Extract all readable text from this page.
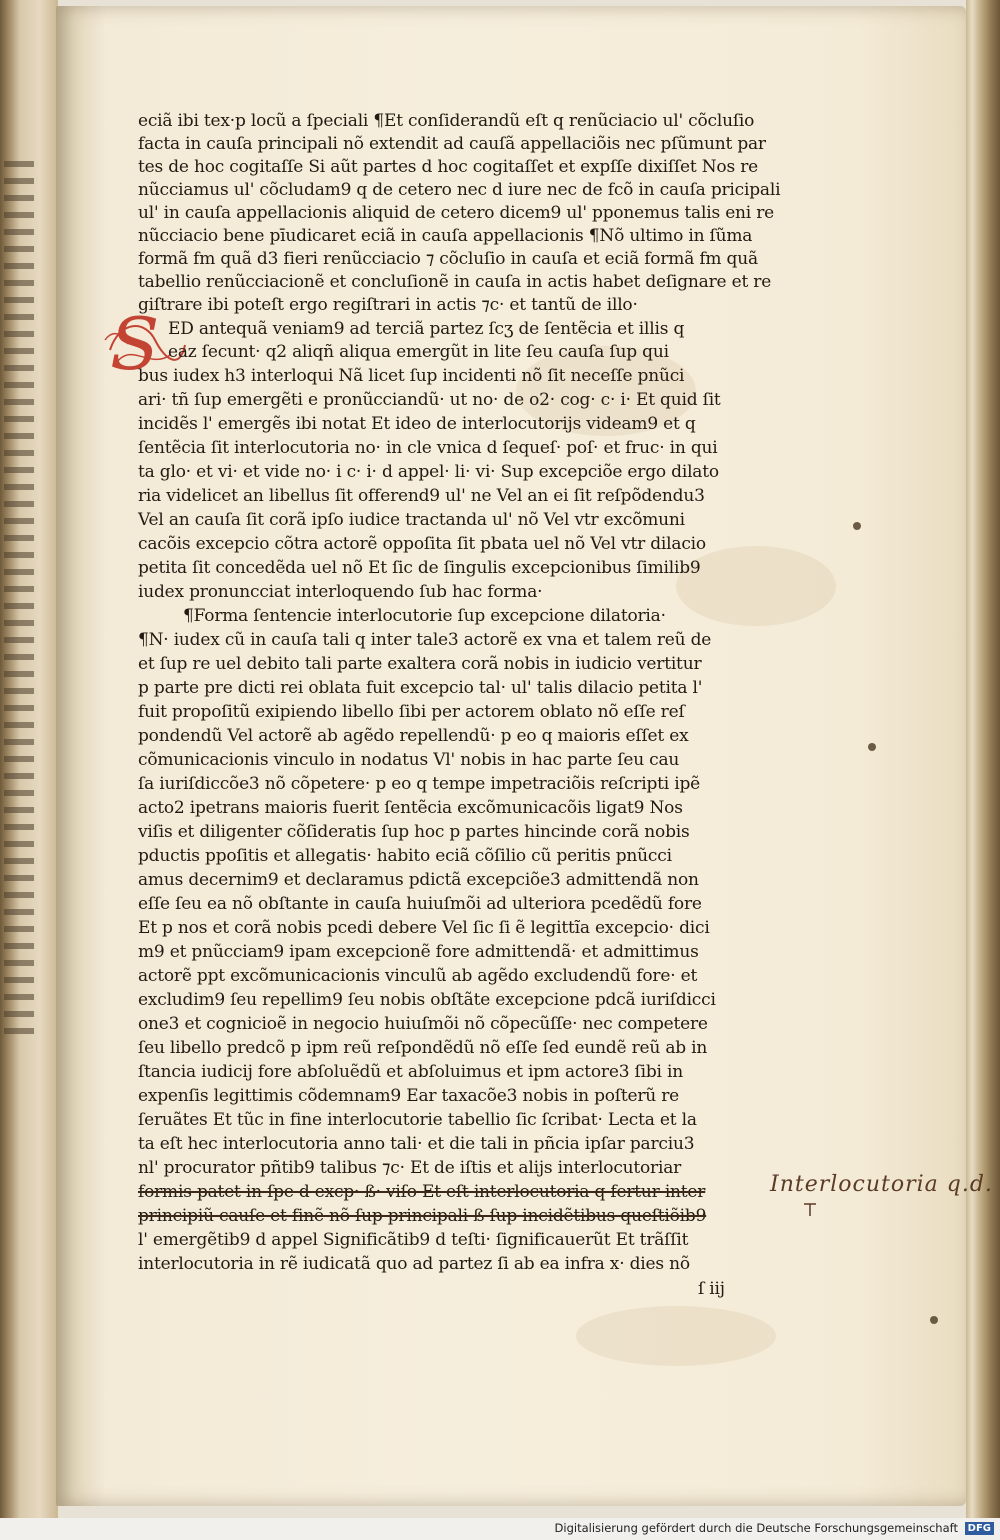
S
eciã ibi tex·p locũ a ſpeciali ¶Et conſiderandũ eſt q renũciacio ul' cõcluſio
facta in cauſa principali nõ extendit ad cauſã appellaciõis nec pſũmunt par
tes de hoc cogitaſſe Si aũt partes d hoc cogitaſſet et expſſe dixiſſet Nos re
nũcciamus ul' cõcludam9 q de cetero nec d iure nec de fcõ in cauſa pricipali
ul' in cauſa appellacionis aliquid de cetero dicem9 ul' pponemus talis eni re
nũcciacio bene pīudicaret eciã in cauſa appellacionis ¶Nõ ultimo in ſũma
formã fm quã d3 fieri renũcciacio ⁊ cõcluſio in cauſa et eciã formã fm quã
tabellio renũcciacionẽ et concluſionẽ in cauſa in actis habet deſignare et re
giſtrare ibi poteſt ergo regiſtrari in actis ⁊c· et tantũ de illo·
ED antequã veniam9 ad terciã partez ſcʒ de ſentẽcia et illis q
eaz ſecunt· q2 aliqñ aliqua emergũt in lite ſeu cauſa ſup qui
bus iudex h3 interloqui Nã licet ſup incidenti nõ ſit neceſſe pnũci
ari· tñ ſup emergẽti e pronũcciandũ· ut no· de o2· cog· c· i· Et quid ſit
incidẽs l' emergẽs ibi notat Et ideo de interlocutorijs videam9 et q
ſentẽcia ſit interlocutoria no· in cle vnica d ſequeſ· poſ· et fruc· in qui
ta glo· et vi· et vide no· i c· i· d appel· li· vi· Sup excepciõe ergo dilato
ria videlicet an libellus ſit offerend9 ul' ne Vel an ei ſit reſpõdendu3
Vel an cauſa ſit corã ipſo iudice tractanda ul' nõ Vel vtr excõmuni
cacõis excepcio cõtra actorẽ oppoſita ſit pbata uel nõ Vel vtr dilacio
petita ſit concedẽda uel nõ Et ſic de ſingulis excepcionibus ſimilib9
iudex pronuncciat interloquendo ſub hac forma·
¶Forma ſentencie interlocutorie ſup excepcione dilatoria·
¶N· iudex cũ in cauſa tali q inter tale3 actorẽ ex vna et talem reũ de
et ſup re uel debito tali parte exaltera corã nobis in iudicio vertitur
p parte pre dicti rei oblata fuit excepcio tal· ul' talis dilacio petita l'
fuit propoſitũ exipiendo libello ſibi per actorem oblato nõ eſſe reſ
pondendũ Vel actorẽ ab agẽdo repellendũ· p eo q maioris eſſet ex
cõmunicacionis vinculo in nodatus Vl' nobis in hac parte ſeu cau
ſa iuriſdiccõe3 nõ cõpetere· p eo q tempe impetraciõis reſcripti ipẽ
acto2 ipetrans maioris fuerit ſentẽcia excõmunicacõis ligat9 Nos
viſis et diligenter cõſideratis ſup hoc p partes hincinde corã nobis
pductis ppoſitis et allegatis· habito eciã cõſilio cũ peritis pnũcci
amus decernim9 et declaramus pdictã excepciõe3 admittendã non
eſſe ſeu ea nõ obſtante in cauſa huiuſmõi ad ulteriora pcedẽdũ fore
Et p nos et corã nobis pcedi debere Vel ſic ſi ẽ legittĩa excepcio· dici
m9 et pnũcciam9 ipam excepcionẽ fore admittendã· et admittimus
actorẽ ppt excõmunicacionis vinculũ ab agẽdo excludendũ fore· et
excludim9 ſeu repellim9 ſeu nobis obſtãte excepcione pdcã iuriſdicci
one3 et cognicioẽ in negocio huiuſmõi nõ cõpecũſſe· nec competere
ſeu libello predcõ p ipm reũ reſpondẽdũ nõ eſſe ſed eundẽ reũ ab in
ſtancia iudicij fore abſoluẽdũ et abſoluimus et ipm actore3 ſibi in
expenſis legittimis cõdemnam9 Ear taxacõe3 nobis in poſterũ re
ſeruãtes Et tũc in fine interlocutorie tabellio ſic ſcribat· Lecta et la
ta eſt hec interlocutoria anno tali· et die tali in pñcia ipſar parciu3
nl' procurator pñtib9 talibus ⁊c· Et de iſtis et alijs interlocutoriar
formis patet in ſpe d excp· ß· viſo Et eſt interlocutoria q fertur inter
principiũ cauſe et finẽ nõ ſup principali ß ſup incidẽtibus queſtiõib9
l' emergẽtib9 d appel Significãtib9 d teſti· ſignificauerũt Et trãſſit
interlocutoria in rẽ iudicatã quo ad partez ſi ab ea infra x· dies nõ
ſ iij
Interlocutoria q.d.
Digitalisierung gefördert durch die Deutsche Forschungsgemeinschaft DFG
